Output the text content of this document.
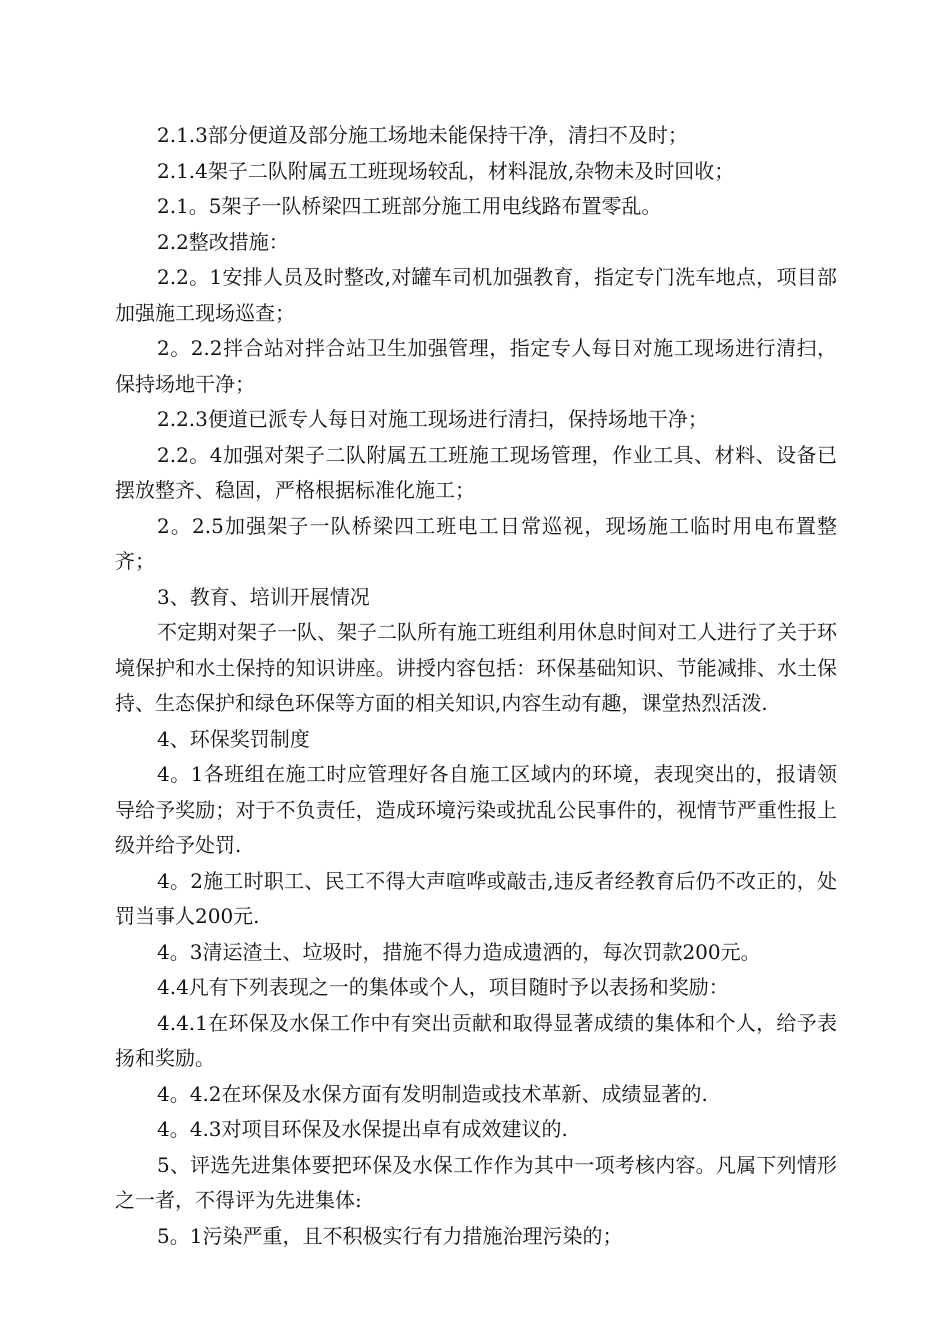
2.1.3部分便道及部分施工场地未能保持干净，清扫不及时；

2.1.4架子二队附属五工班现场较乱，材料混放,杂物未及时回收；

2.1。5架子一队桥梁四工班部分施工用电线路布置零乱。

2.2整改措施：

2.2。1安排人员及时整改,对罐车司机加强教育，指定专门洗车地点，项目部加强施工现场巡查；

2。2.2拌合站对拌合站卫生加强管理，指定专人每日对施工现场进行清扫，保持场地干净；

2.2.3便道已派专人每日对施工现场进行清扫，保持场地干净；

2.2。4加强对架子二队附属五工班施工现场管理，作业工具、材料、设备已摆放整齐、稳固，严格根据标准化施工；

2。2.5加强架子一队桥梁四工班电工日常巡视，现场施工临时用电布置整齐；

3、教育、培训开展情况

不定期对架子一队、架子二队所有施工班组利用休息时间对工人进行了关于环境保护和水土保持的知识讲座。讲授内容包括：环保基础知识、节能减排、水土保持、生态保护和绿色环保等方面的相关知识,内容生动有趣，课堂热烈活泼.

4、环保奖罚制度

4。1各班组在施工时应管理好各自施工区域内的环境，表现突出的，报请领导给予奖励；对于不负责任，造成环境污染或扰乱公民事件的，视情节严重性报上级并给予处罚.

4。2施工时职工、民工不得大声喧哗或敲击,违反者经教育后仍不改正的，处罚当事人200元.

4。3清运渣土、垃圾时，措施不得力造成遗洒的，每次罚款200元。

4.4凡有下列表现之一的集体或个人，项目随时予以表扬和奖励：

4.4.1在环保及水保工作中有突出贡献和取得显著成绩的集体和个人，给予表扬和奖励。

4。4.2在环保及水保方面有发明制造或技术革新、成绩显著的.

4。4.3对项目环保及水保提出卓有成效建议的.

5、评选先进集体要把环保及水保工作作为其中一项考核内容。凡属下列情形之一者，不得评为先进集体:

5。1污染严重，且不积极实行有力措施治理污染的；
